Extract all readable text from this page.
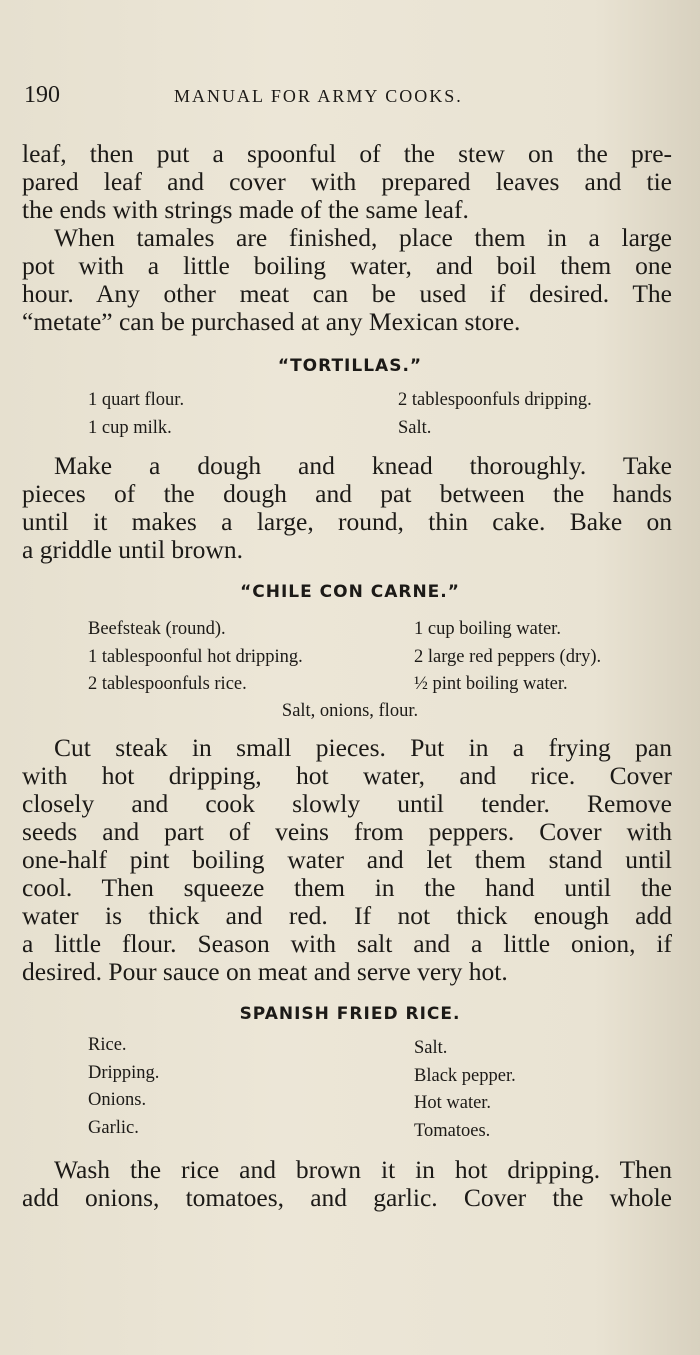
190	MANUAL FOR ARMY COOKS.
leaf, then put a spoonful of the stew on the pre-
pared leaf and cover with prepared leaves and tie
the ends with strings made of the same leaf.
When tamales are finished, place them in a large
pot with a little boiling water, and boil them one
hour. Any other meat can be used if desired. The
“metate” can be purchased at any Mexican store.
“TORTILLAS.”
1 quart flour.
1 cup milk.
2 tablespoonfuls dripping.
Salt.
Make a dough and knead thoroughly. Take
pieces of the dough and pat between the hands
until it makes a large, round, thin cake. Bake on
a griddle until brown.
“CHILE CON CARNE.”
Beefsteak (round).
1 tablespoonful hot dripping.
2 tablespoonfuls rice.
1 cup boiling water.
2 large red peppers (dry).
½ pint boiling water.
Salt, onions, flour.
Cut steak in small pieces. Put in a frying pan
with hot dripping, hot water, and rice. Cover
closely and cook slowly until tender. Remove
seeds and part of veins from peppers. Cover with
one-half pint boiling water and let them stand until
cool. Then squeeze them in the hand until the
water is thick and red. If not thick enough add
a little flour. Season with salt and a little onion, if
desired. Pour sauce on meat and serve very hot.
SPANISH FRIED RICE.
Rice.
Dripping.
Onions.
Garlic.
Salt.
Black pepper.
Hot water.
Tomatoes.
Wash the rice and brown it in hot dripping. Then
add onions, tomatoes, and garlic. Cover the whole
